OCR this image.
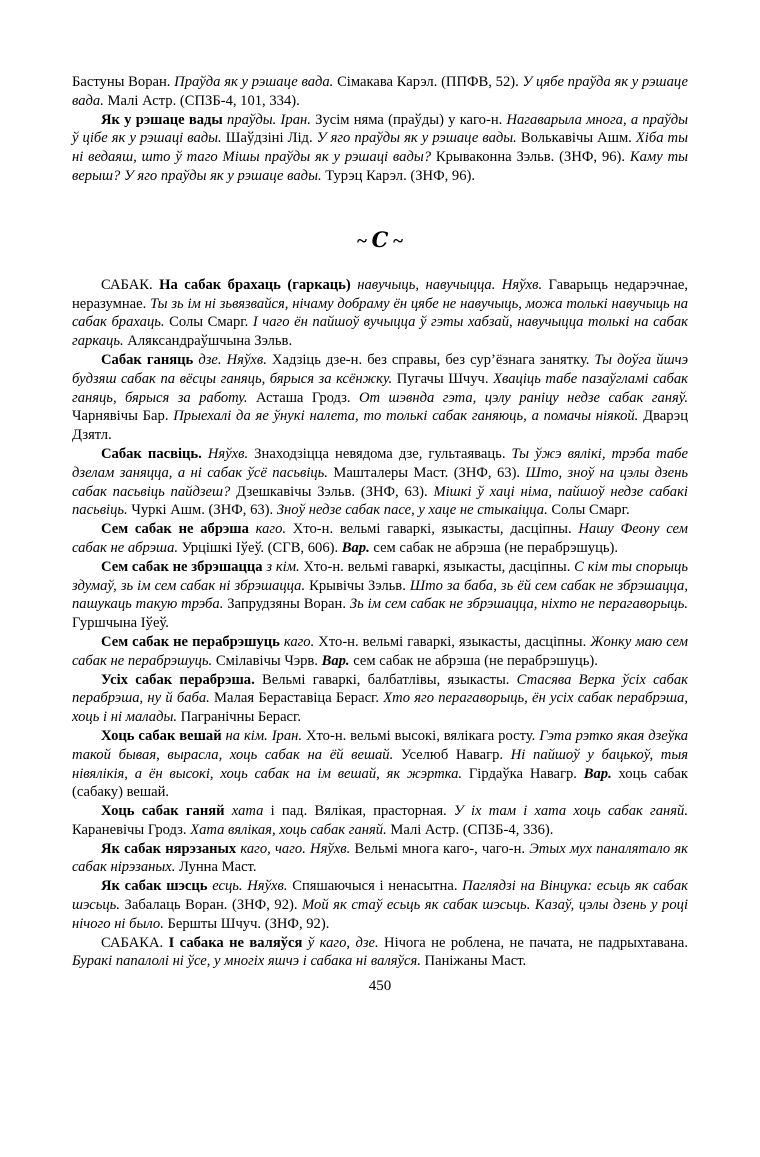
Бастуны Воран. Праўда як у рэшаце вада. Сімакава Карэл. (ППФВ, 52). У цябе праўда як у рэшаце вада. Малі Астр. (СПЗБ-4, 101, 334).

Як у рэшаце вады праўды. Іран. Зусім няма (праўды) у каго-н. Нагаварыла многа, а праўды ў цібе як у рэшаці вады. Шаўдзіні Лід. У яго праўды як у рэшаце вады. Волькавічы Ашм. Хіба ты ні ведаяш, што ў таго Мішы праўды як у рэшаці вады? Крываконна Зэльв. (ЗНФ, 96). Каму ты верыш? У яго праўды як у рэшаце вады. Турэц Карэл. (ЗНФ, 96).

~ С ~

САБАК. На сабак брахаць (гаркаць) навучыць, навучыцца. Няўхв. Гаварыць недарэчнае, неразумнае. Ты зь ім ні зьвязвайся, нічаму добраму ён цябе не навучыць, можа толькі навучыць на сабак брахаць. Солы Смарг. І чаго ён пайшоў вучыцца ў гэты хабзай, навучыцца толькі на сабак гаркаць. Аляксандраўшчына Зэльв.

Сабак ганяць дзе. Няўхв. Хадзіць дзе-н. без справы, без сур’ёзнага занятку. Ты доўга йшчэ будзяш сабак па вёсцы ганяць, бярыся за ксёнжку. Пугачы Шчуч. Хваціць табе пазаўгламі сабак ганяць, бярыся за работу. Асташа Гродз. От шэвнда гэта, цэлу раніцу недзе сабак ганяў. Чарнявічы Бар. Прыехалі да яе ўнукі налета, то толькі сабак ганяюць, а помачы ніякой. Дварэц Дзятл.

Сабак пасвіць. Няўхв. Знаходзіцца невядома дзе, гультаяваць. Ты ўжэ вялікі, трэба табе дзелам заняцца, а ні сабак ўсё пасьвіць. Машталеры Маст. (ЗНФ, 63). Што, зноў на цэлы дзень сабак пасьвіць пайдзеш? Дзешкавічы Зэльв. (ЗНФ, 63). Мішкі ў хаці німа, пайшоў недзе сабакі пасьвіць. Чуркі Ашм. (ЗНФ, 63). Зноў недзе сабак пасе, у хаце не стыкаіцца. Солы Смарг.

Сем сабак не абрэша каго. Хто-н. вельмі гаваркі, языкасты, дасціпны. Нашу Феону сем сабак не абрэша. Урцішкі Іўеў. (СГВ, 606). Вар. сем сабак не абрэша (не перабрэшуць).

Сем сабак не збрэшацца з кім. Хто-н. вельмі гаваркі, языкасты, дасціпны. С кім ты спорыць здумаў, зь ім сем сабак ні збрэшацца. Крывічы Зэльв. Што за баба, зь ёй сем сабак не збрэшацца, пашукаць такую трэба. Запрудзяны Воран. Зь ім сем сабак не збрэшацца, ніхто не перагаворыць. Гуршчына Іўеў.

Сем сабак не перабрэшуць каго. Хто-н. вельмі гаваркі, языкасты, дасціпны. Жонку маю сем сабак не перабрэшуць. Смілавічы Чэрв. Вар. сем сабак не абрэша (не перабрэшуць).

Усіх сабак перабрэша. Вельмі гаваркі, балбатлівы, языкасты. Стасява Верка ўсіх сабак перабрэша, ну й баба. Малая Бераставіца Берасг. Хто яго перагаворыць, ён усіх сабак перабрэша, хоць і ні малады. Пагранічны Берасг.

Хоць сабак вешай на кім. Іран. Хто-н. вельмі высокі, вялікага росту. Гэта рэтко якая дзеўка такой бывая, вырасла, хоць сабак на ёй вешай. Уселюб Навагр. Ні пайшоў у бацькоў, тыя нівялікія, а ён высокі, хоць сабак на ім вешай, як жэртка. Гірдаўка Навагр. Вар. хоць сабак (сабаку) вешай.

Хоць сабак ганяй хата і пад. Вялікая, прасторная. У іх там і хата хоць сабак ганяй. Караневічы Гродз. Хата вялікая, хоць сабак ганяй. Малі Астр. (СПЗБ-4, 336).

Як сабак нярэзаных каго, чаго. Няўхв. Вельмі многа каго-, чаго-н. Этых мух паналятало як сабак нірэзаных. Лунна Маст.

Як сабак шэсць есць. Няўхв. Спяшаючыся і ненасытна. Паглядзі на Вінцука: есьць як сабак шэсьць. Забалаць Воран. (ЗНФ, 92). Мой як стаў есьць як сабак шэсьць. Казаў, цэлы дзень у році нічого ні было. Бершты Шчуч. (ЗНФ, 92).

САБАКА. І сабака не валяўся ў каго, дзе. Нічога не роблена, не пачата, не падрыхтавана. Буракі папалолі ні ўсе, у многіх яшчэ і сабака ні валяўся. Паніжаны Маст.

450
